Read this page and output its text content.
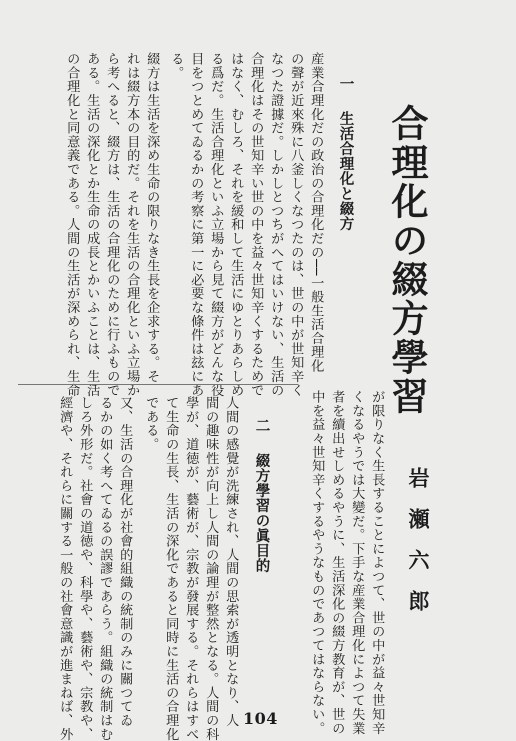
合理化の綴方學習
一生活合理化と綴方
産業合理化だの政治の合理化だの──一般生活合理化
の聲が近來殊に八釜しくなつたのは、世の中が世知辛く
なつた證據だ。しかしとつちがへてはいけない、生活の
合理化はその世知辛い世の中を益々世知辛くするためで
はなく、むしろ、それを緩和して生活にゆとりあらしめ
る爲だ。生活合理化といふ立場から見て綴方がどんな役
目をつとめてゐるかの考察に第一に必要な條件は玆にあ
る。
綴方は生活を深め生命の限りなき生長を企求する。そ
れは綴方本の目的だ。それを生活の合理化といふ立場か
ら考へると、綴方は、生活の合理化のために行ふもので
ある。生活の深化とか生命の成長とかいふことは、生活
の合理化と同意義である。人間の生活が深められ、生命
岩瀬六郎
が限りなく生長することによつて、世の中が益々世知辛
くなるやうでは大變だ。下手な産業合理化によつて失業
者を續出せしめるやうに、生活深化の綴方教育が、世の
中を益々世知辛くするやうなものであつてはならない。
二綴方學習の眞目的
人間の感覺が洗練され、人間の思索が透明となり、人
間の趣味性が向上し人間の論理が整然となる。人間の科
學が、道徳が、藝術が、宗教が發展する。それらはすべ
て生命の生長、生活の深化であると同時に生活の合理化
である。
又、生活の合理化が社會的組織の統制のみに關つてゐ
るかの如く考へてゐるの誤謬であらう。組織の統制はむ
しろ外形だ。社會の道徳や、科學や、藝術や、宗教や、
經濟や、それらに關する一般の社會意識が進まねば、外	104
